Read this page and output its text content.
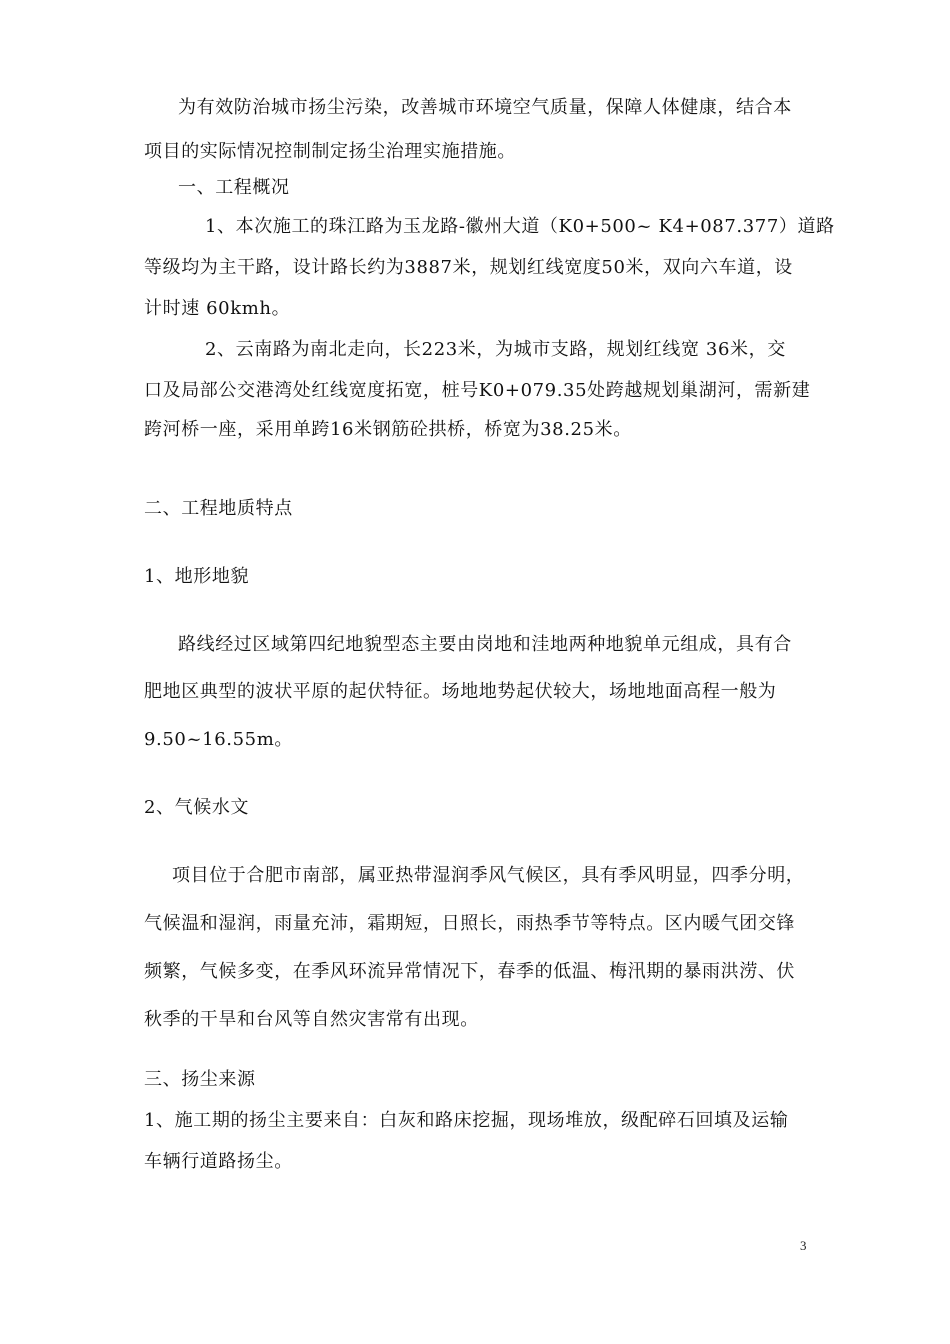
为有效防治城市扬尘污染，改善城市环境空气质量，保障人体健康，结合本
项目的实际情况控制制定扬尘治理实施措施。
一、工程概况
1、本次施工的珠江路为玉龙路-徽州大道（K0+500~ K4+087.377）道路
等级均为主干路，设计路长约为3887米，规划红线宽度50米，双向六车道，设
计时速 60kmh。
2、云南路为南北走向，长223米，为城市支路，规划红线宽 36米，交
口及局部公交港湾处红线宽度拓宽，桩号K0+079.35处跨越规划巢湖河，需新建
跨河桥一座，采用单跨16米钢筋砼拱桥，桥宽为38.25米。
二、工程地质特点
1、地形地貌
路线经过区域第四纪地貌型态主要由岗地和洼地两种地貌单元组成，具有合
肥地区典型的波状平原的起伏特征。场地地势起伏较大，场地地面高程一般为
9.50~16.55m。
2、气候水文
项目位于合肥市南部，属亚热带湿润季风气候区，具有季风明显，四季分明，
气候温和湿润，雨量充沛，霜期短，日照长，雨热季节等特点。区内暖气团交锋
频繁，气候多变，在季风环流异常情况下，春季的低温、梅汛期的暴雨洪涝、伏
秋季的干旱和台风等自然灾害常有出现。
三、扬尘来源
1、施工期的扬尘主要来自：白灰和路床挖掘，现场堆放，级配碎石回填及运输
车辆行道路扬尘。
3
